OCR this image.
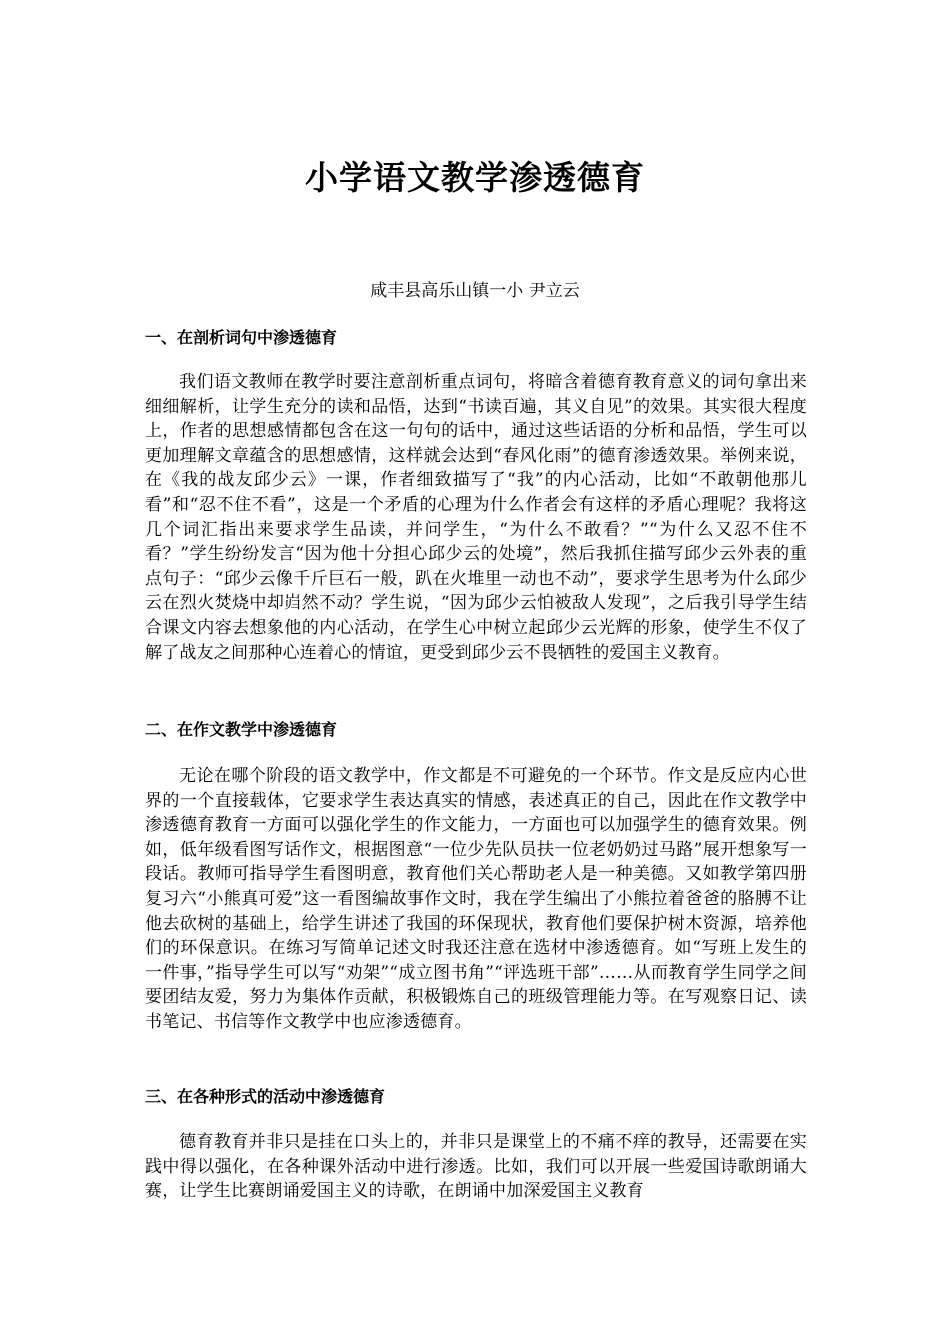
小学语文教学渗透德育
咸丰县高乐山镇一小 尹立云
一、在剖析词句中渗透德育

我们语文教师在教学时要注意剖析重点词句，将暗含着德育教育意义的词句拿出来细细解析，让学生充分的读和品悟，达到“书读百遍，其义自见”的效果。其实很大程度上，作者的思想感情都包含在这一句句的话中，通过这些话语的分析和品悟，学生可以更加理解文章蕴含的思想感情，这样就会达到“春风化雨”的德育渗透效果。举例来说，在《我的战友邱少云》一课，作者细致描写了“我”的内心活动，比如“不敢朝他那儿看”和“忍不住不看”，这是一个矛盾的心理为什么作者会有这样的矛盾心理呢？我将这几个词汇指出来要求学生品读，并问学生，“为什么不敢看？”“为什么又忍不住不看？”学生纷纷发言“因为他十分担心邱少云的处境”，然后我抓住描写邱少云外表的重点句子：“邱少云像千斤巨石一般，趴在火堆里一动也不动”，要求学生思考为什么邱少云在烈火焚烧中却岿然不动？学生说，“因为邱少云怕被敌人发现”，之后我引导学生结合课文内容去想象他的内心活动，在学生心中树立起邱少云光辉的形象，使学生不仅了解了战友之间那种心连着心的情谊，更受到邱少云不畏牺牲的爱国主义教育。

二、在作文教学中渗透德育

无论在哪个阶段的语文教学中，作文都是不可避免的一个环节。作文是反应内心世界的一个直接载体，它要求学生表达真实的情感，表述真正的自己，因此在作文教学中渗透德育教育一方面可以强化学生的作文能力，一方面也可以加强学生的德育效果。例如，低年级看图写话作文，根据图意“一位少先队员扶一位老奶奶过马路”展开想象写一段话。教师可指导学生看图明意，教育他们关心帮助老人是一种美德。又如教学第四册复习六“小熊真可爱”这一看图编故事作文时，我在学生编出了小熊拉着爸爸的胳膊不让他去砍树的基础上，给学生讲述了我国的环保现状，教育他们要保护树木资源，培养他们的环保意识。在练习写简单记述文时我还注意在选材中渗透德育。如“写班上发生的一件事，”指导学生可以写“劝架”“成立图书角”“评选班干部”……从而教育学生同学之间要团结友爱，努力为集体作贡献，积极锻炼自己的班级管理能力等。在写观察日记、读书笔记、书信等作文教学中也应渗透德育。

三、在各种形式的活动中渗透德育

德育教育并非只是挂在口头上的，并非只是课堂上的不痛不痒的教导，还需要在实践中得以强化，在各种课外活动中进行渗透。比如，我们可以开展一些爱国诗歌朗诵大赛，让学生比赛朗诵爱国主义的诗歌，在朗诵中加深爱国主义教育
